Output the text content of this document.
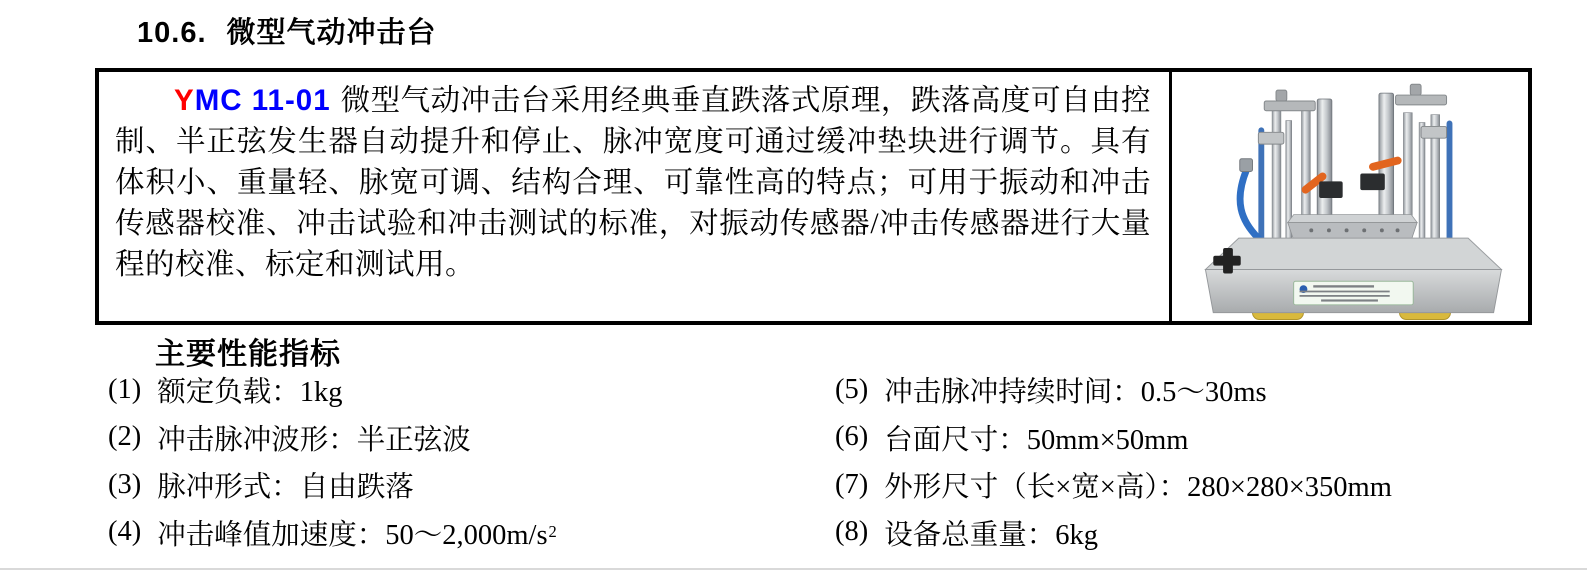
10.6. 微型气动冲击台

YMC 11-01 微型气动冲击台采用经典垂直跌落式原理，跌落高度可自由控制、半正弦发生器自动提升和停止、脉冲宽度可通过缓冲垫块进行调节。具有体积小、重量轻、脉宽可调、结构合理、可靠性高的特点；可用于振动和冲击传感器校准、冲击试验和冲击测试的标准，对振动传感器/冲击传感器进行大量程的校准、标定和测试用。

主要性能指标
(1) 额定负载：1kg
(2) 冲击脉冲波形：半正弦波
(3) 脉冲形式：自由跌落
(4) 冲击峰值加速度：50～2,000m/s 2
(5) 冲击脉冲持续时间：0.5～30ms
(6) 台面尺寸：50mm×50mm
(7) 外形尺寸（长×宽×高）：280×280×350mm
(8) 设备总重量：6kg
